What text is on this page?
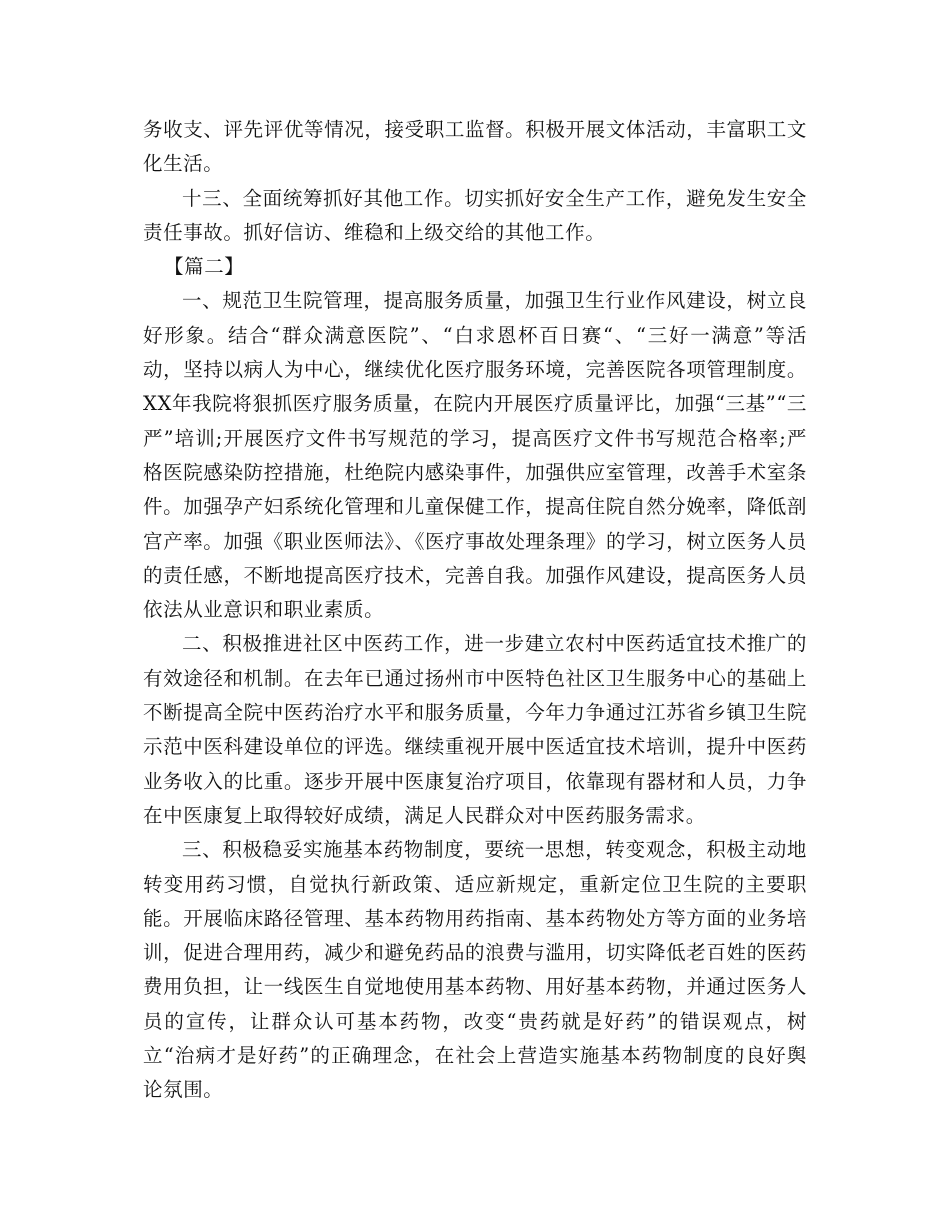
务收支、评先评优等情况，接受职工监督。积极开展文体活动，丰富职工文化生活。

十三、全面统筹抓好其他工作。切实抓好安全生产工作，避免发生安全责任事故。抓好信访、维稳和上级交给的其他工作。

【篇二】

一、规范卫生院管理，提高服务质量，加强卫生行业作风建设，树立良好形象。结合“群众满意医院”、“白求恩杯百日赛“、“三好一满意”等活动，坚持以病人为中心，继续优化医疗服务环境，完善医院各项管理制度。XX年我院将狠抓医疗服务质量，在院内开展医疗质量评比，加强“三基”“三严”培训;开展医疗文件书写规范的学习，提高医疗文件书写规范合格率;严格医院感染防控措施，杜绝院内感染事件，加强供应室管理，改善手术室条件。加强孕产妇系统化管理和儿童保健工作，提高住院自然分娩率，降低剖宫产率。加强《职业医师法》、《医疗事故处理条理》的学习，树立医务人员的责任感，不断地提高医疗技术，完善自我。加强作风建设，提高医务人员依法从业意识和职业素质。

二、积极推进社区中医药工作，进一步建立农村中医药适宜技术推广的有效途径和机制。在去年已通过扬州市中医特色社区卫生服务中心的基础上不断提高全院中医药治疗水平和服务质量，今年力争通过江苏省乡镇卫生院示范中医科建设单位的评选。继续重视开展中医适宜技术培训，提升中医药业务收入的比重。逐步开展中医康复治疗项目，依靠现有器材和人员，力争在中医康复上取得较好成绩，满足人民群众对中医药服务需求。

三、积极稳妥实施基本药物制度，要统一思想，转变观念，积极主动地转变用药习惯，自觉执行新政策、适应新规定，重新定位卫生院的主要职能。开展临床路径管理、基本药物用药指南、基本药物处方等方面的业务培训，促进合理用药，减少和避免药品的浪费与滥用，切实降低老百姓的医药费用负担，让一线医生自觉地使用基本药物、用好基本药物，并通过医务人员的宣传，让群众认可基本药物，改变“贵药就是好药”的错误观点，树立“治病才是好药”的正确理念，在社会上营造实施基本药物制度的良好舆论氛围。
